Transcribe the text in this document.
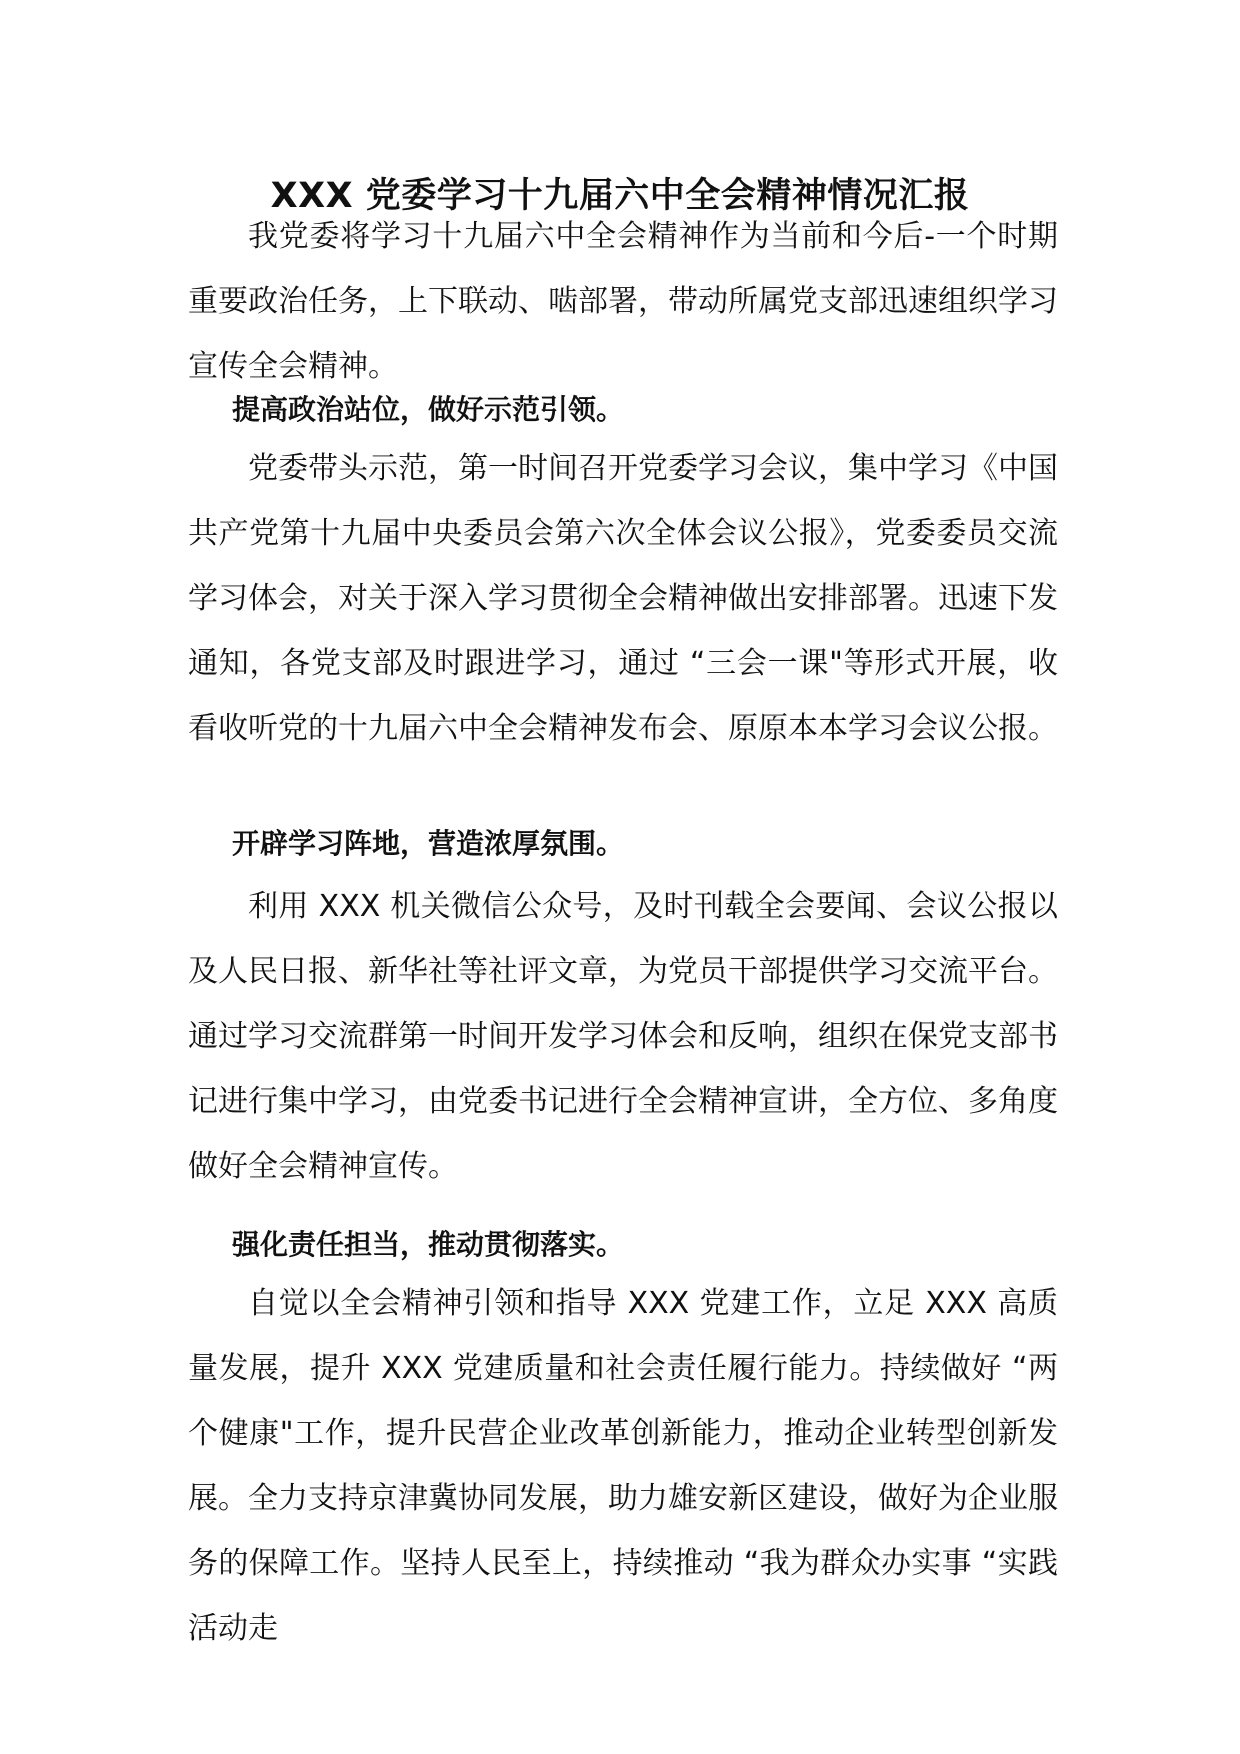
XXX 党委学习十九届六中全会精神情况汇报

我党委将学习十九届六中全会精神作为当前和今后-一个时期重要政治任务，上下联动、啮部署，带动所属党支部迅速组织学习宣传全会精神。

提高政治站位，做好示范引领。

党委带头示范，第一时间召开党委学习会议，集中学习《中国共产党第十九届中央委员会第六次全体会议公报》，党委委员交流学习体会，对关于深入学习贯彻全会精神做出安排部署。迅速下发通知，各党支部及时跟进学习，通过 “三会一课"等形式开展，收看收听党的十九届六中全会精神发布会、原原本本学习会议公报。

开辟学习阵地，营造浓厚氛围。

利用 XXX 机关微信公众号，及时刊载全会要闻、会议公报以及人民日报、新华社等社评文章，为党员干部提供学习交流平台。通过学习交流群第一时间开发学习体会和反响，组织在保党支部书记进行集中学习，由党委书记进行全会精神宣讲，全方位、多角度做好全会精神宣传。

强化责任担当，推动贯彻落实。

自觉以全会精神引领和指导 XXX 党建工作，立足 XXX 高质量发展，提升 XXX 党建质量和社会责任履行能力。持续做好 “两个健康"工作，提升民营企业改革创新能力，推动企业转型创新发展。全力支持京津冀协同发展，助力雄安新区建设，做好为企业服务的保障工作。坚持人民至上，持续推动 “我为群众办实事 “实践活动走
